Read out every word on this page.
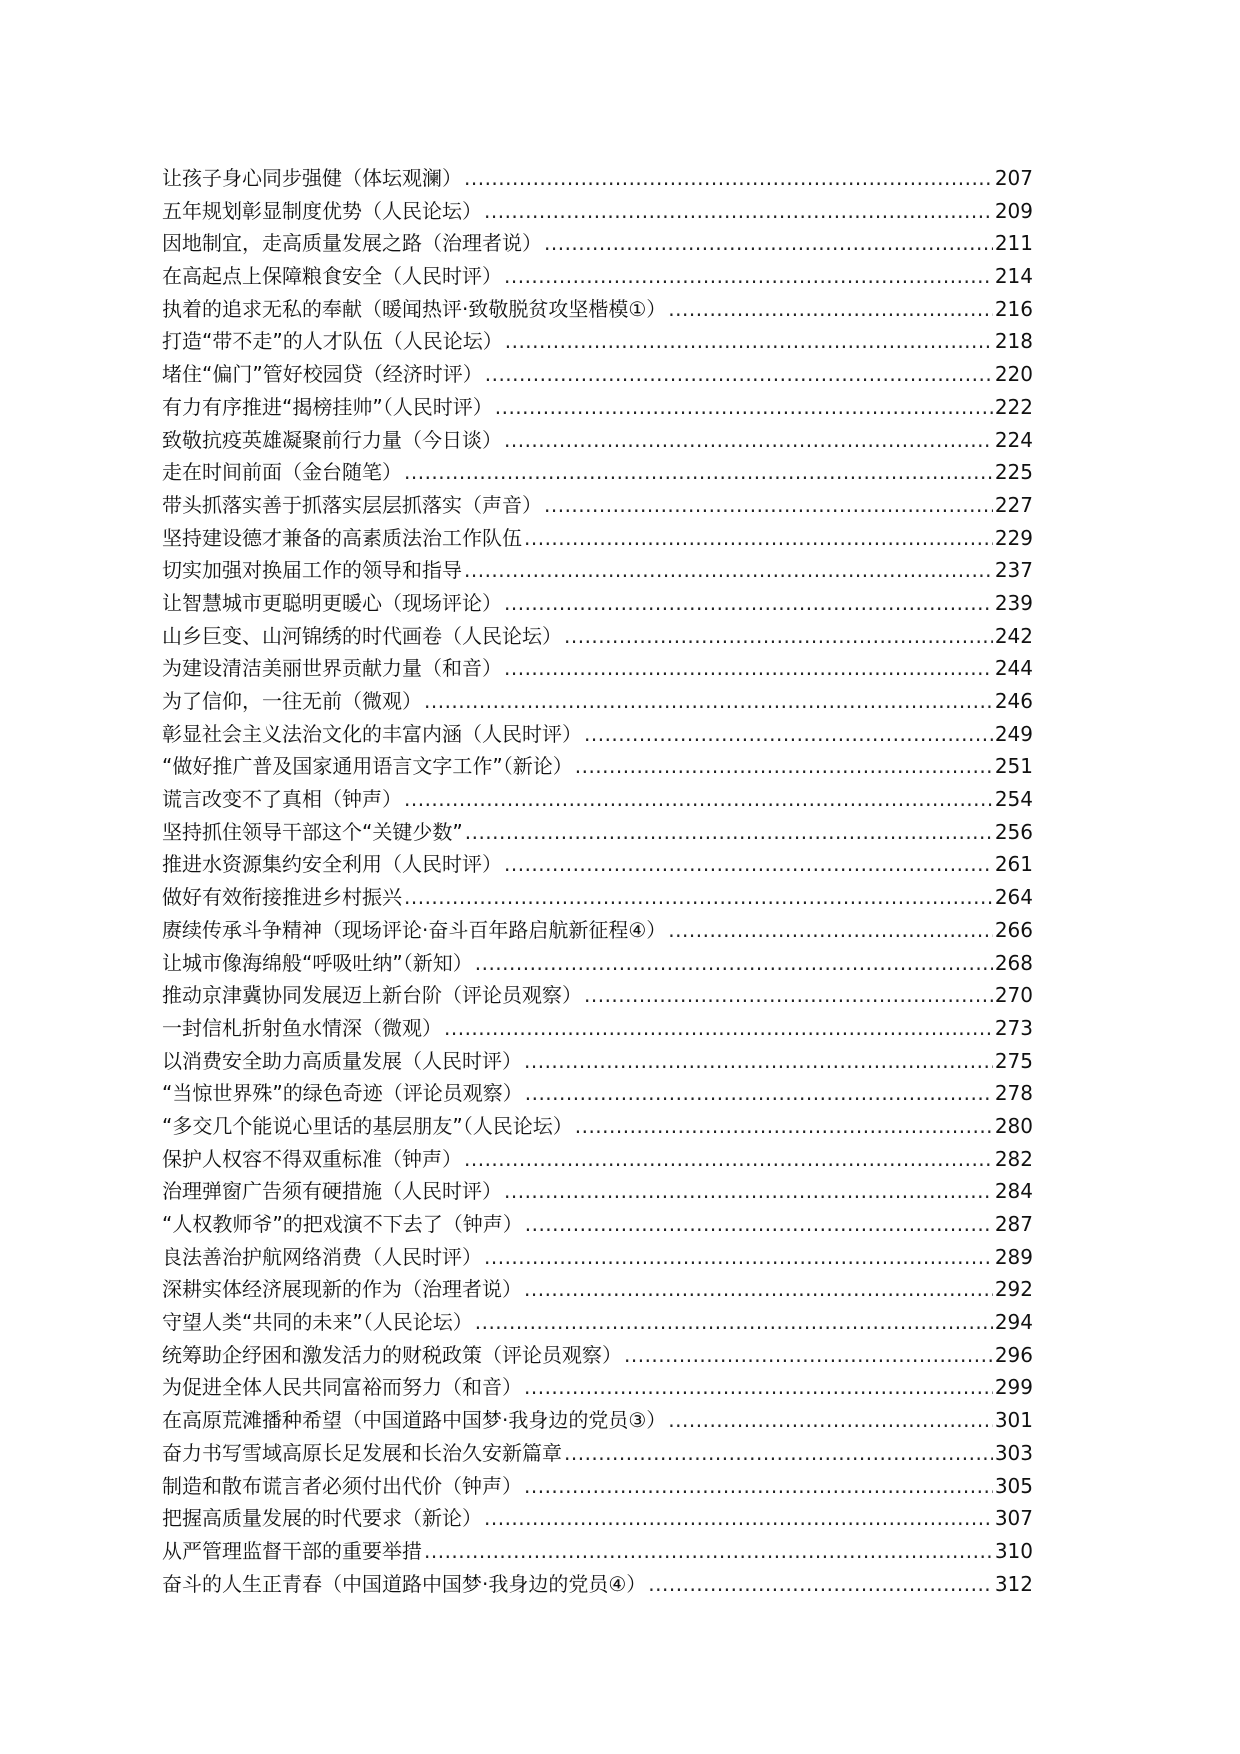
让孩子身心同步强健（体坛观澜） .....	207
五年规划彰显制度优势（人民论坛） .....	209
因地制宜，走高质量发展之路（治理者说） .....	211
在高起点上保障粮食安全（人民时评） .....	214
执着的追求无私的奉献（暖闻热评·致敬脱贫攻坚楷模①） .....	216
打造“带不走”的人才队伍（人民论坛） .....	218
堵住“偏门”管好校园贷（经济时评） .....	220
有力有序推进“揭榜挂帅”（人民时评） .....	222
致敬抗疫英雄凝聚前行力量（今日谈） .....	224
走在时间前面（金台随笔） .....	225
带头抓落实善于抓落实层层抓落实（声音） .....	227
坚持建设德才兼备的高素质法治工作队伍 .....	229
切实加强对换届工作的领导和指导 .....	237
让智慧城市更聪明更暖心（现场评论） .....	239
山乡巨变、山河锦绣的时代画卷（人民论坛） .....	242
为建设清洁美丽世界贡献力量（和音） .....	244
为了信仰，一往无前（微观） .....	246
彰显社会主义法治文化的丰富内涵（人民时评） .....	249
“做好推广普及国家通用语言文字工作”（新论） .....	251
谎言改变不了真相（钟声） .....	254
坚持抓住领导干部这个“关键少数” .....	256
推进水资源集约安全利用（人民时评） .....	261
做好有效衔接推进乡村振兴 .....	264
赓续传承斗争精神（现场评论·奋斗百年路启航新征程④） .....	266
让城市像海绵般“呼吸吐纳”（新知） .....	268
推动京津冀协同发展迈上新台阶（评论员观察） .....	270
一封信札折射鱼水情深（微观） .....	273
以消费安全助力高质量发展（人民时评） .....	275
“当惊世界殊”的绿色奇迹（评论员观察） .....	278
“多交几个能说心里话的基层朋友”（人民论坛） .....	280
保护人权容不得双重标准（钟声） .....	282
治理弹窗广告须有硬措施（人民时评） .....	284
“人权教师爷”的把戏演不下去了（钟声） .....	287
良法善治护航网络消费（人民时评） .....	289
深耕实体经济展现新的作为（治理者说） .....	292
守望人类“共同的未来”（人民论坛） .....	294
统筹助企纾困和激发活力的财税政策（评论员观察） .....	296
为促进全体人民共同富裕而努力（和音） .....	299
在高原荒滩播种希望（中国道路中国梦·我身边的党员③） .....	301
奋力书写雪域高原长足发展和长治久安新篇章 .....	303
制造和散布谎言者必须付出代价（钟声） .....	305
把握高质量发展的时代要求（新论） .....	307
从严管理监督干部的重要举措 .....	310
奋斗的人生正青春（中国道路中国梦·我身边的党员④） .....	312
